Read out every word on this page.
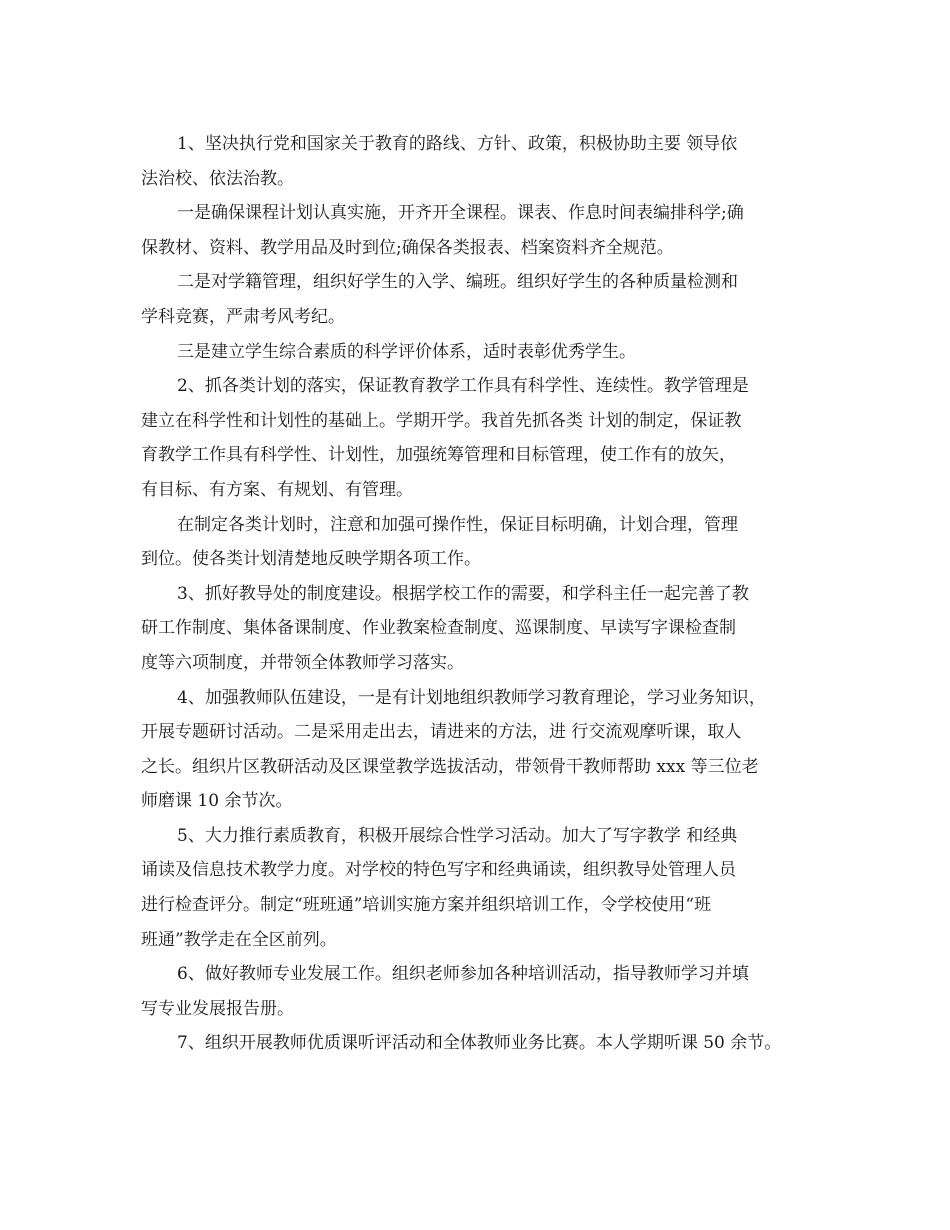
1、坚决执行党和国家关于教育的路线、方针、政策，积极协助主要 领导依
法治校、依法治教。
一是确保课程计划认真实施，开齐开全课程。课表、作息时间表编排科学;确
保教材、资料、教学用品及时到位;确保各类报表、档案资料齐全规范。
二是对学籍管理，组织好学生的入学、编班。组织好学生的各种质量检测和
学科竞赛，严肃考风考纪。
三是建立学生综合素质的科学评价体系，适时表彰优秀学生。
2、抓各类计划的落实，保证教育教学工作具有科学性、连续性。教学管理是
建立在科学性和计划性的基础上。学期开学。我首先抓各类 计划的制定，保证教
育教学工作具有科学性、计划性，加强统筹管理和目标管理，使工作有的放矢，
有目标、有方案、有规划、有管理。
在制定各类计划时，注意和加强可操作性，保证目标明确，计划合理，管理
到位。使各类计划清楚地反映学期各项工作。
3、抓好教导处的制度建设。根据学校工作的需要，和学科主任一起完善了教
研工作制度、集体备课制度、作业教案检查制度、巡课制度、早读写字课检查制
度等六项制度，并带领全体教师学习落实。
4、加强教师队伍建设，一是有计划地组织教师学习教育理论，学习业务知识，
开展专题研讨活动。二是采用走出去，请进来的方法，进 行交流观摩听课，取人
之长。组织片区教研活动及区课堂教学选拔活动，带领骨干教师帮助 xxx 等三位老
师磨课 10 余节次。
5、大力推行素质教育，积极开展综合性学习活动。加大了写字教学 和经典
诵读及信息技术教学力度。对学校的特色写字和经典诵读，组织教导处管理人员
进行检查评分。制定“班班通”培训实施方案并组织培训工作，令学校使用“班
班通”教学走在全区前列。
6、做好教师专业发展工作。组织老师参加各种培训活动，指导教师学习并填
写专业发展报告册。
7、组织开展教师优质课听评活动和全体教师业务比赛。本人学期听课 50 余节。
